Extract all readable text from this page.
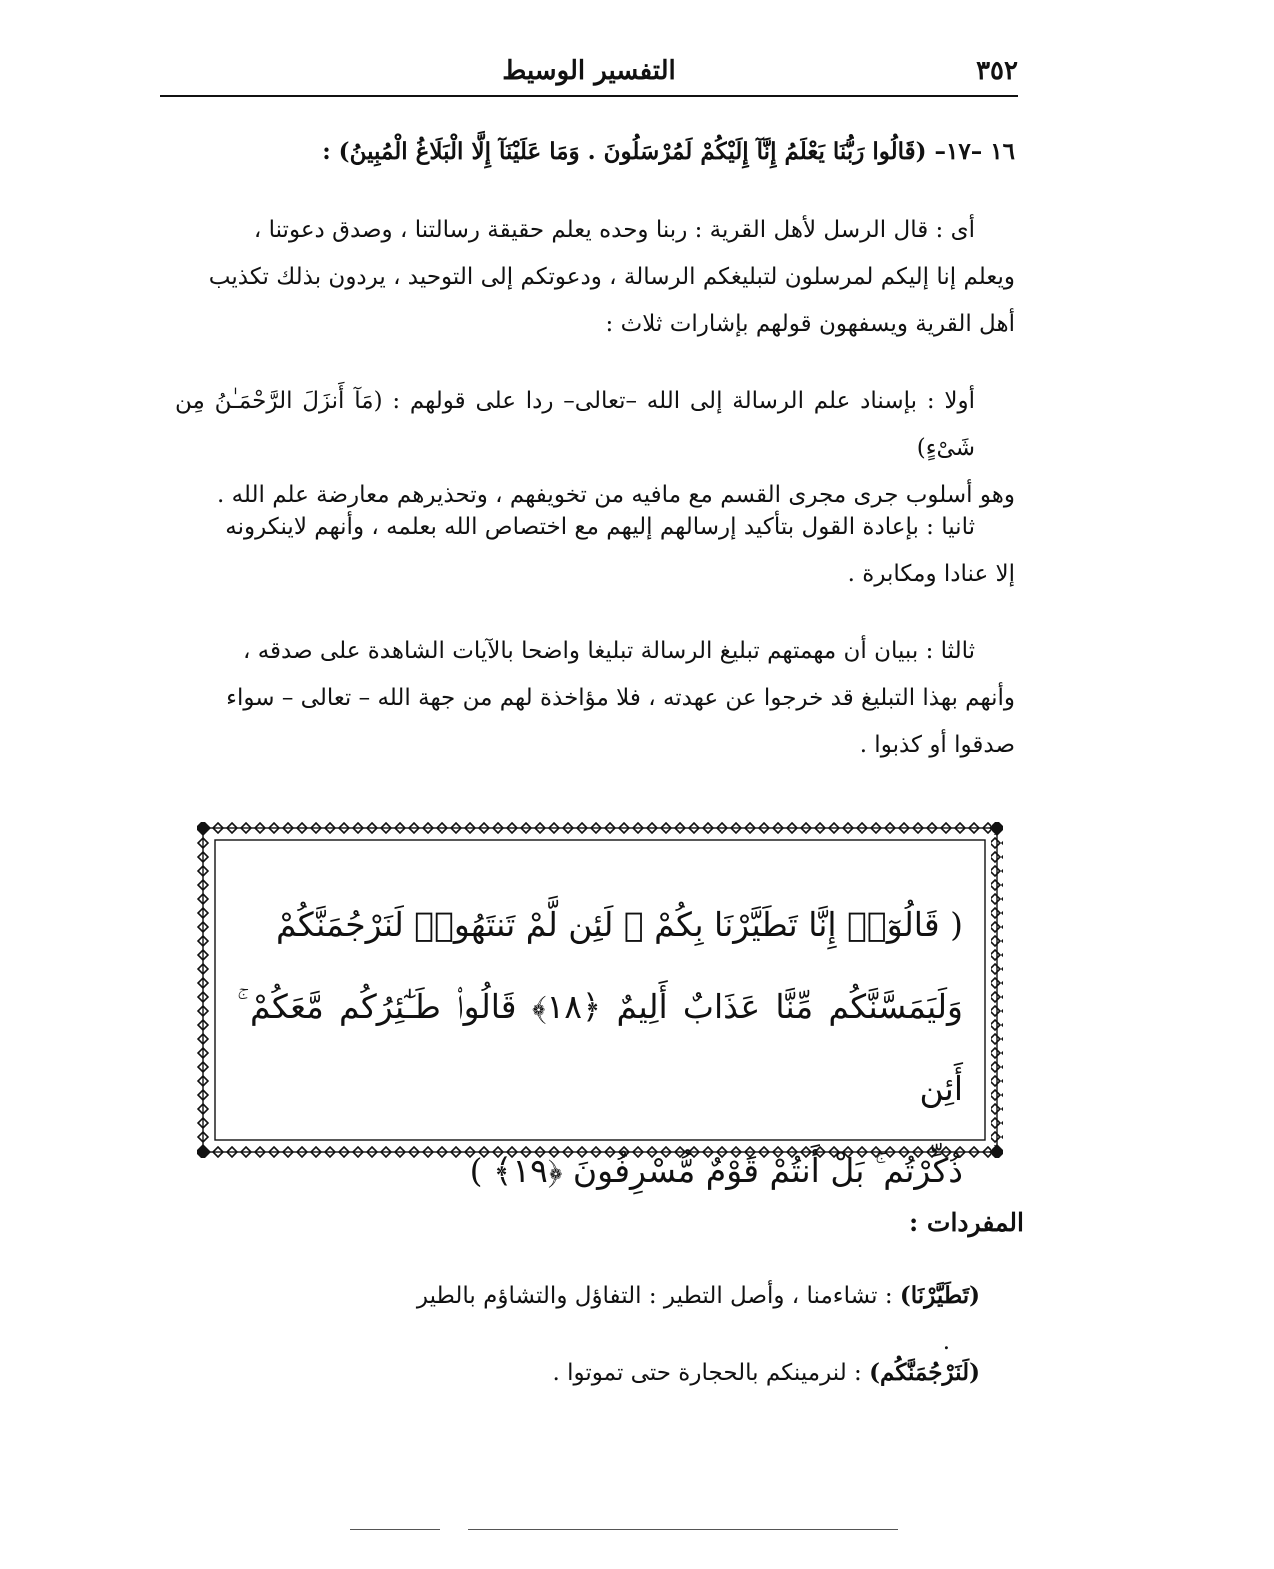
٣٥٢
التفسير الوسيط
١٦ –١٧– (قَالُوا رَبُّنَا يَعْلَمُ إِنَّآ إِلَيْكُمْ لَمُرْسَلُونَ . وَمَا عَلَيْنَآ إِلَّا الْبَلَاغُ الْمُبِينُ) :
أى : قال الرسل لأهل القرية : ربنا وحده يعلم حقيقة رسالتنا ، وصدق دعوتنا ،
ويعلم إنا إليكم لمرسلون لتبليغكم الرسالة ، ودعوتكم إلى التوحيد ، يردون بذلك تكذيب
أهل القرية ويسفهون قولهم بإشارات ثلاث :
أولا : بإسناد علم الرسالة إلى الله –تعالى– ردا على قولهم : (مَآ أَنزَلَ الرَّحْمَـٰنُ مِن شَىْءٍ)
وهو أسلوب جرى مجرى القسم مع مافيه من تخويفهم ، وتحذيرهم معارضة علم الله .
ثانيا : بإعادة القول بتأكيد إرسالهم إليهم مع اختصاص الله بعلمه ، وأنهم لاينكرونه
إلا عنادا ومكابرة .
ثالثا : ببيان أن مهمتهم تبليغ الرسالة تبليغا واضحا بالآيات الشاهدة على صدقه ،
وأنهم بهذا التبليغ قد خرجوا عن عهدته ، فلا مؤاخذة لهم من جهة الله – تعالى – سواء
صدقوا أو كذبوا .
( قَالُوٓا۟ إِنَّا تَطَيَّرْنَا بِكُمْ ۖ لَئِن لَّمْ تَنتَهُوا۟ لَنَرْجُمَنَّكُمْ
وَلَيَمَسَّنَّكُم مِّنَّا عَذَابٌ أَلِيمٌ ﴿١٨﴾ قَالُوا۟ طَـٰٓئِرُكُم مَّعَكُمْ ۚ أَئِن
ذُكِّرْتُم ۚ بَلْ أَنتُمْ قَوْمٌ مُّسْرِفُونَ ﴿١٩﴾ )
المفردات :
(تَطَيَّرْنَا) : تشاءمنا ، وأصل التطير : التفاؤل والتشاؤم بالطير
.
(لَنَرْجُمَنَّكُم) : لنرمينكم بالحجارة حتى تموتوا .
